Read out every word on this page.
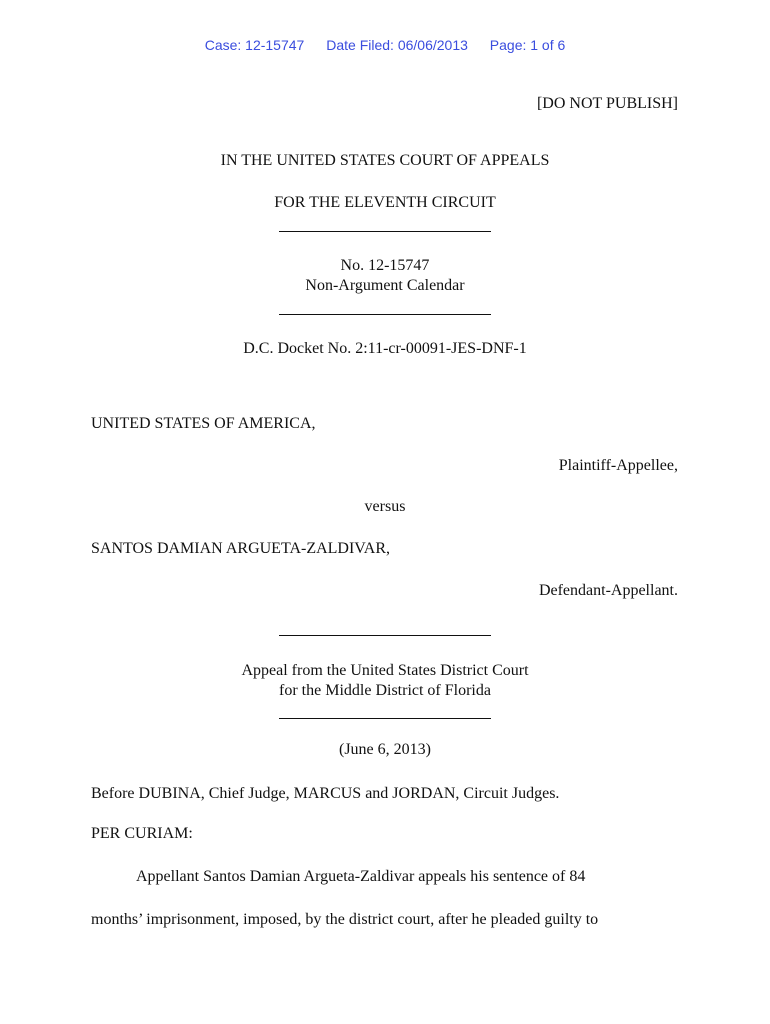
Case: 12-15747 Date Filed: 06/06/2013 Page: 1 of 6
[DO NOT PUBLISH]
IN THE UNITED STATES COURT OF APPEALS
FOR THE ELEVENTH CIRCUIT
No. 12-15747
Non-Argument Calendar
D.C. Docket No. 2:11-cr-00091-JES-DNF-1
UNITED STATES OF AMERICA,
Plaintiff-Appellee,
versus
SANTOS DAMIAN ARGUETA-ZALDIVAR,
Defendant-Appellant.
Appeal from the United States District Court
for the Middle District of Florida
(June 6, 2013)
Before DUBINA, Chief Judge, MARCUS and JORDAN, Circuit Judges.
PER CURIAM:
Appellant Santos Damian Argueta-Zaldivar appeals his sentence of 84
months’ imprisonment, imposed, by the district court, after he pleaded guilty to
